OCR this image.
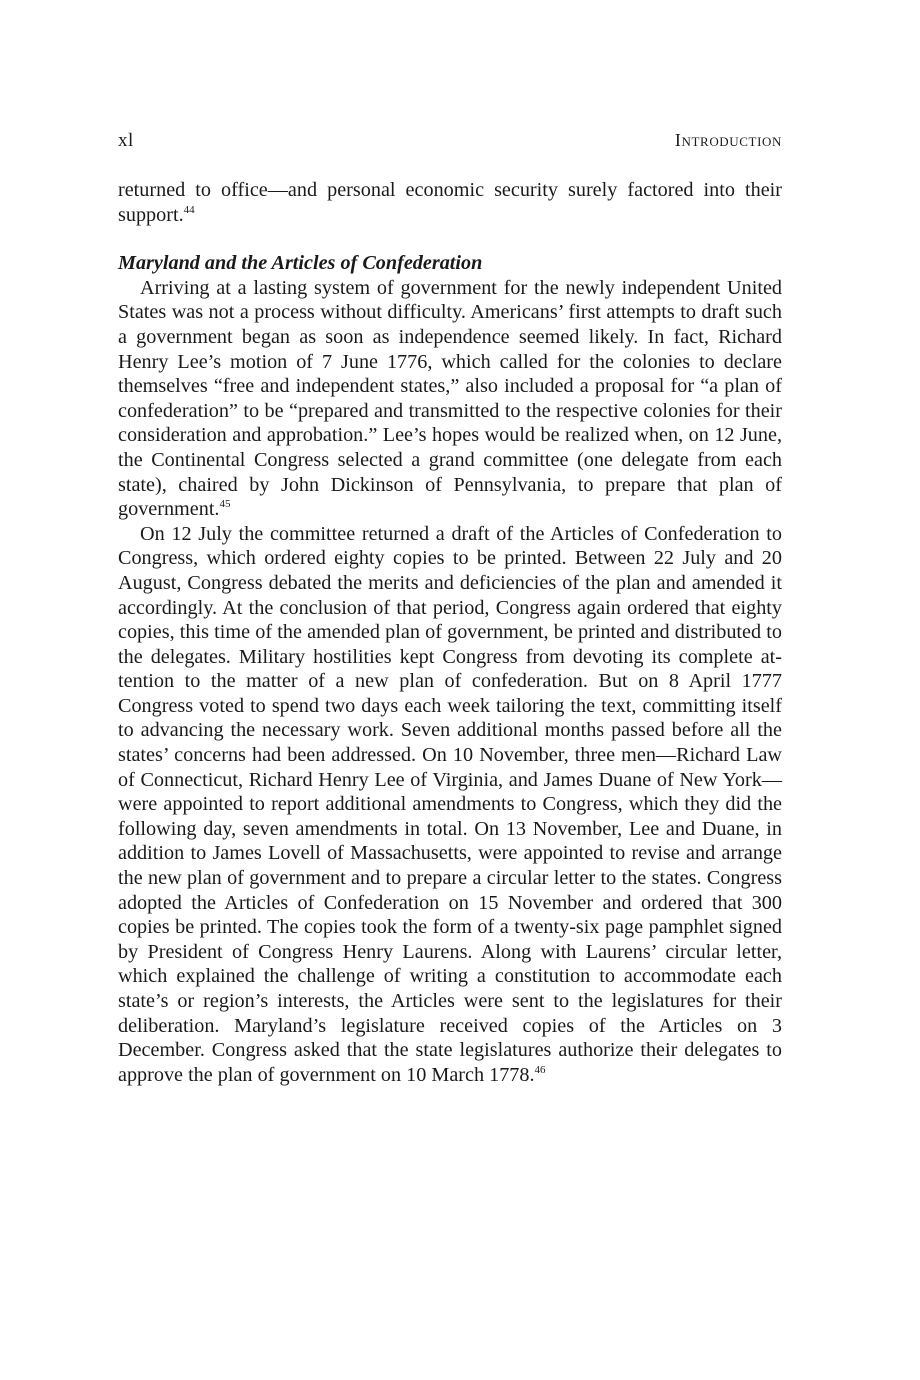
xl	Introduction

returned to office—and personal economic security surely factored into their support.$^{44}$

Maryland and the Articles of Confederation

Arriving at a lasting system of government for the newly independent United States was not a process without difficulty. Americans’ first attempts to draft such a government began as soon as independence seemed likely. In fact, Richard Henry Lee’s motion of 7 June 1776, which called for the colonies to declare themselves “free and independent states,” also included a proposal for “a plan of confederation” to be “prepared and transmitted to the respective colonies for their consideration and approbation.” Lee’s hopes would be realized when, on 12 June, the Continental Congress selected a grand committee (one delegate from each state), chaired by John Dickinson of Pennsylvania, to prepare that plan of government.$^{45}$

On 12 July the committee returned a draft of the Articles of Confederation to Congress, which ordered eighty copies to be printed. Between 22 July and 20 August, Congress debated the merits and deficiencies of the plan and amended it accordingly. At the conclusion of that period, Congress again ordered that eighty copies, this time of the amended plan of government, be printed and distributed to the delegates. Military hostilities kept Congress from devoting its complete attention to the matter of a new plan of confederation. But on 8 April 1777 Congress voted to spend two days each week tailoring the text, committing itself to advancing the necessary work. Seven additional months passed before all the states’ concerns had been addressed. On 10 November, three men—Richard Law of Connecticut, Richard Henry Lee of Virginia, and James Duane of New York—were appointed to report additional amendments to Congress, which they did the following day, seven amendments in total. On 13 November, Lee and Duane, in addition to James Lovell of Massachusetts, were appointed to revise and arrange the new plan of government and to prepare a circular letter to the states. Congress adopted the Articles of Confederation on 15 November and ordered that 300 copies be printed. The copies took the form of a twenty-six page pamphlet signed by President of Congress Henry Laurens. Along with Laurens’ circular letter, which explained the challenge of writing a constitution to accommodate each state’s or region’s interests, the Articles were sent to the legislatures for their deliberation. Maryland’s legislature received copies of the Articles on 3 December. Congress asked that the state legislatures authorize their delegates to approve the plan of government on 10 March 1778.46
